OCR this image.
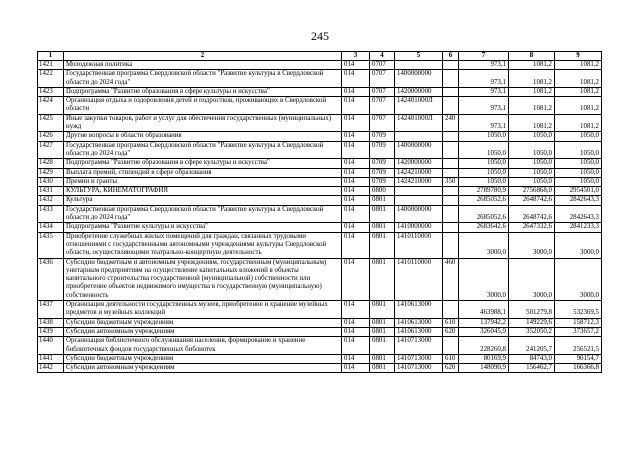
245
1	2	3	4	5	6	7	8	9
1421	Молодежная политика	014	0707			973,1	1081,2	1081,2
1422	Государственная программа Свердловской области "Развитие культуры в Свердловской области до 2024 года"	014	0707	1400000000		973,1	1081,2	1081,2
1423	Подпрограмма "Развитие образования в сфере культуры и искусства"	014	0707	1420000000		973,1	1081,2	1081,2
1424	Организация отдыха и оздоровления детей и подростков, проживающих в Свердловской области	014	0707	142401000Л		973,1	1081,2	1081,2
1425	Иные закупки товаров, работ и услуг для обеспечения государственных (муниципальных) нужд	014	0707	142401000Л	240	973,1	1081,2	1081,2
1426	Другие вопросы в области образования	014	0709			1050,0	1050,0	1050,0
1427	Государственная программа Свердловской области "Развитие культуры в Свердловской области до 2024 года"	014	0709	1400000000		1050,0	1050,0	1050,0
1428	Подпрограмма "Развитие образования в сфере культуры и искусства"	014	0709	1420000000		1050,0	1050,0	1050,0
1429	Выплата премий, стипендий в сфере образования	014	0709	1424210000		1050,0	1050,0	1050,0
1430	Премии и гранты	014	0709	1424210000	350	1050,0	1050,0	1050,0
1431	КУЛЬТУРА, КИНЕМАТОГРАФИЯ	014	0800			2789780,9	2756868,0	2954501,0
1432	Культура	014	0801			2685052,6	2648742,6	2842643,3
1433	Государственная программа Свердловской области "Развитие культуры в Свердловской области до 2024 года"	014	0801	1400000000		2685052,6	2648742,6	2842643,3
1434	Подпрограмма "Развитие культуры и искусства"	014	0801	1410000000		2683642,6	2647332,6	2841233,3
1435	Приобретение служебных жилых помещений для граждан, связанных трудовыми отношениями с государственными автономными учреждениями культуры Свердловской области, осуществляющими театрально-концертную деятельность	014	0801	1410110000		3000,0	3000,0	3000,0
1436	Субсидии бюджетным и автономным учреждениям, государственным (муниципальным) унитарным предприятиям на осуществление капитальных вложений в объекты капитального строительства государственной (муниципальной) собственности или приобретение объектов недвижимого имущества в государственную (муниципальную) собственность	014	0801	1410110000	460	3000,0	3000,0	3000,0
1437	Организация деятельности государственных музеев, приобретение и хранение музейных предметов и музейных коллекций	014	0801	1410613000		463988,1	501279,8	532369,5
1438	Субсидии бюджетным учреждениям	014	0801	1410613000	610	137942,2	149229,6	158712,3
1439	Субсидии автономным учреждениям	014	0801	1410613000	620	326045,9	352050,2	373657,2
1440	Организация библиотечного обслуживания населения, формирование и хранение библиотечных фондов государственных библиотек	014	0801	1410713000		228260,8	241205,7	256521,5
1441	Субсидии бюджетным учреждениям	014	0801	1410713000	610	80169,9	84743,0	90154,7
1442	Субсидии автономным учреждениям	014	0801	1410713000	620	148090,9	156462,7	166366,8
